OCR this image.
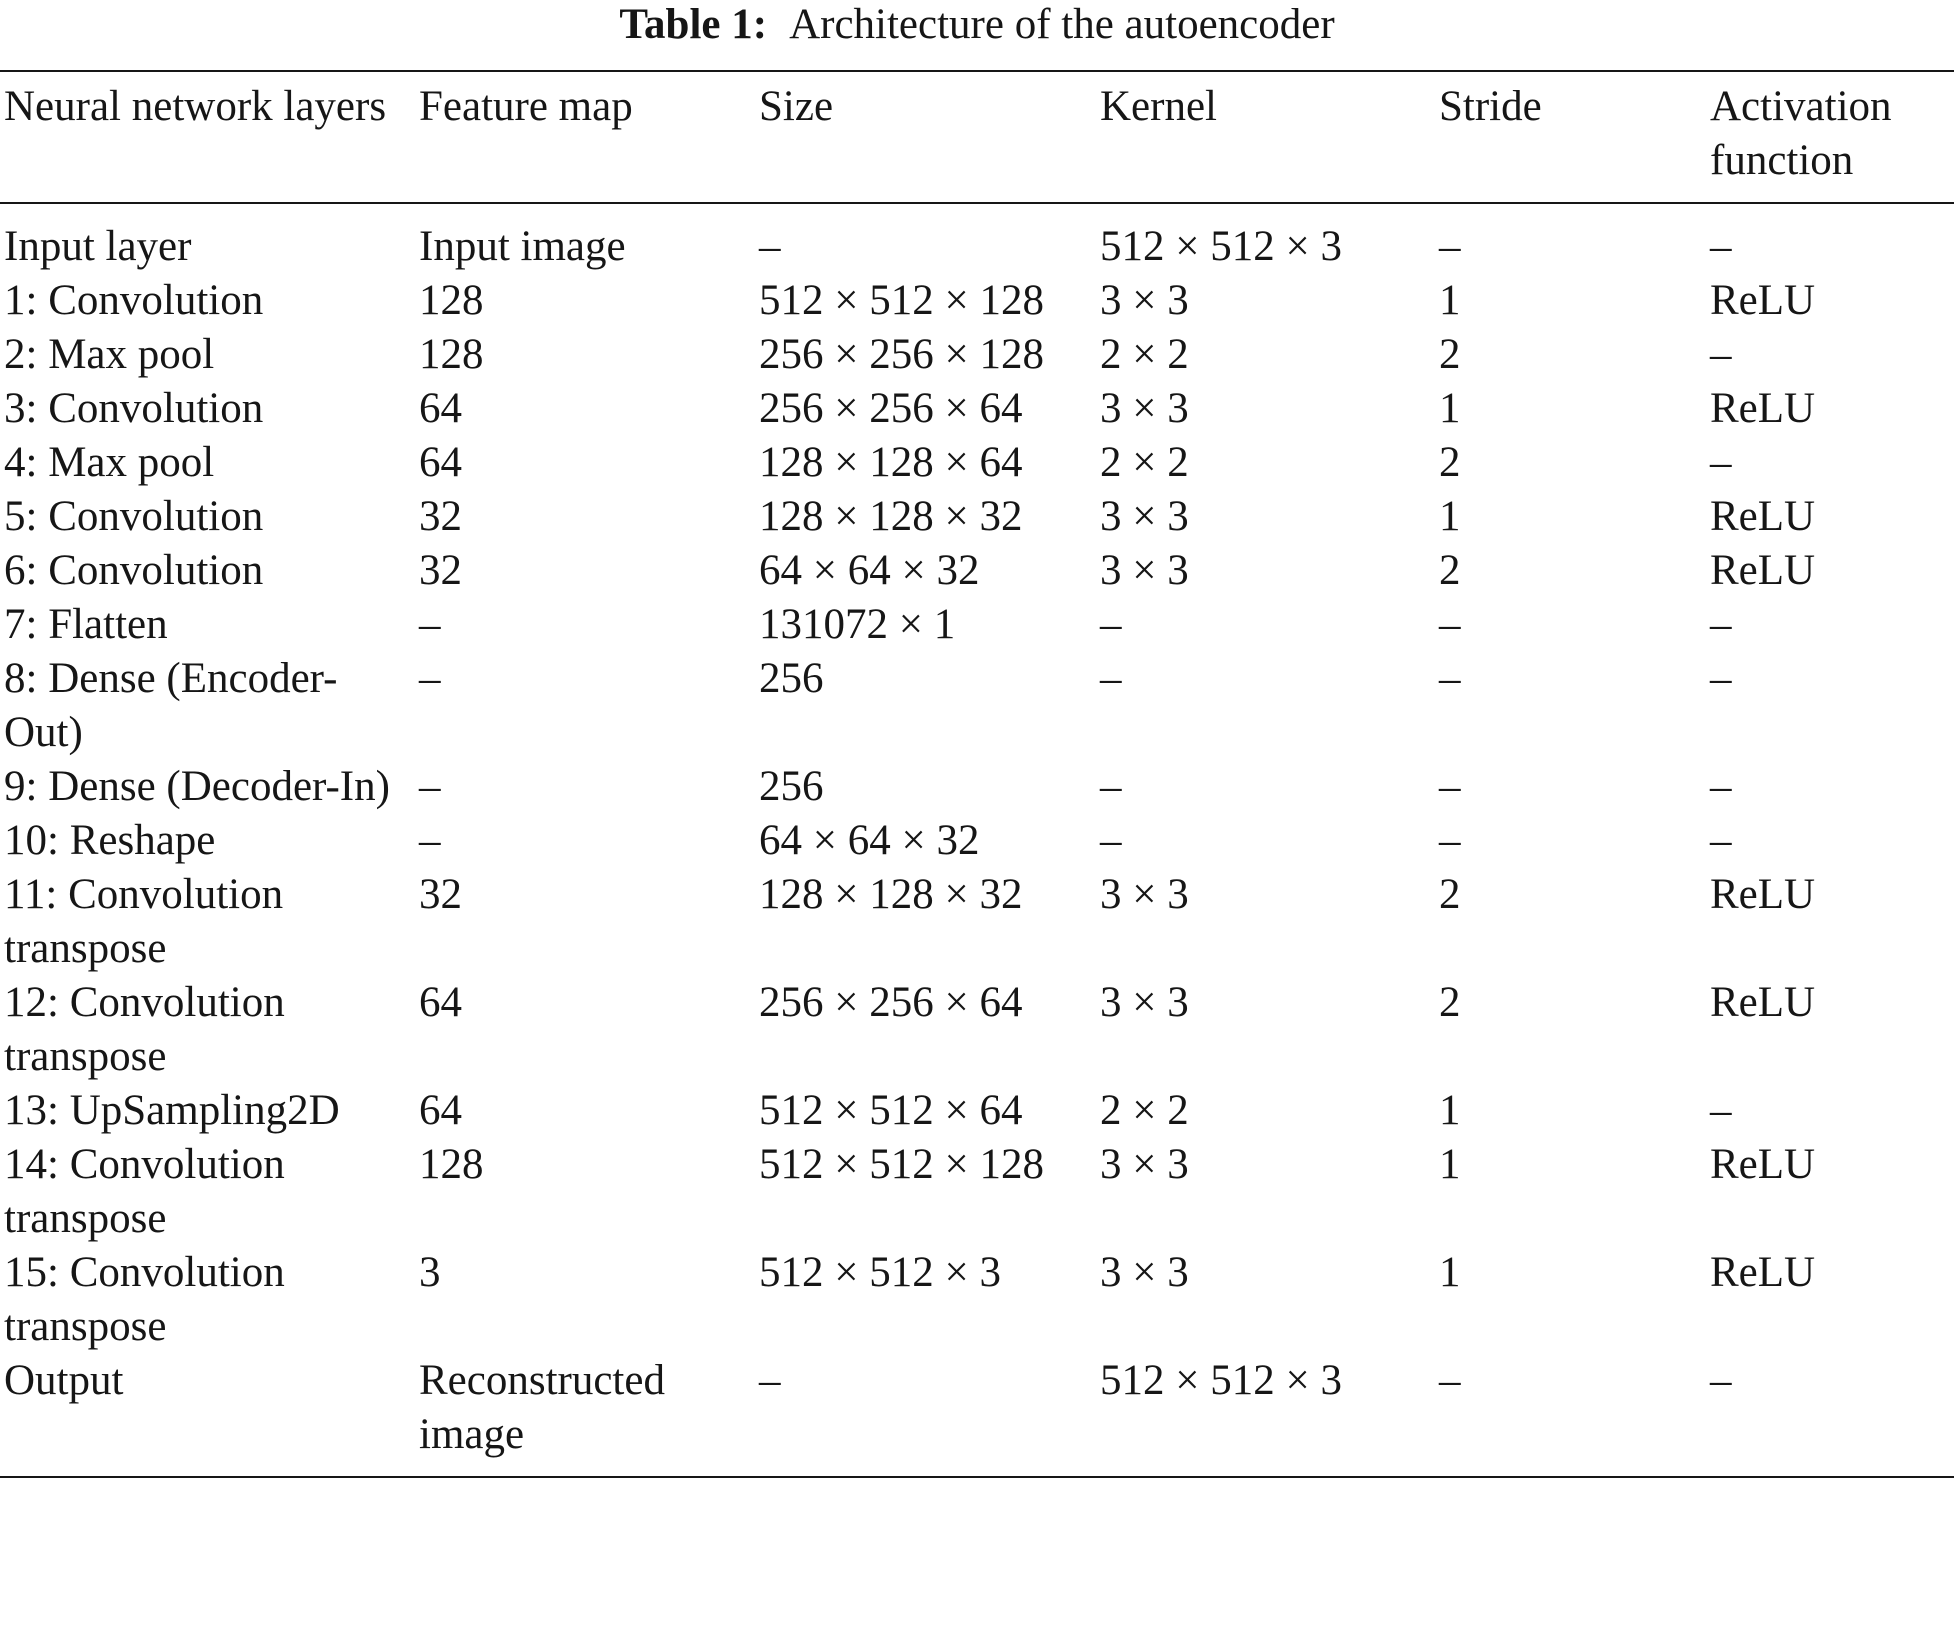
Table 1: Architecture of the autoencoder
Neural network layers	Feature map	Size	Kernel	Stride	Activation function
Input layer	Input image	–	512 × 512 × 3	–	–
1: Convolution	128	512 × 512 × 128	3 × 3	1	ReLU
2: Max pool	128	256 × 256 × 128	2 × 2	2	–
3: Convolution	64	256 × 256 × 64	3 × 3	1	ReLU
4: Max pool	64	128 × 128 × 64	2 × 2	2	–
5: Convolution	32	128 × 128 × 32	3 × 3	1	ReLU
6: Convolution	32	64 × 64 × 32	3 × 3	2	ReLU
7: Flatten	–	131072 × 1	–	–	–
8: Dense (Encoder-Out)	–	256	–	–	–
9: Dense (Decoder-In)	–	256	–	–	–
10: Reshape	–	64 × 64 × 32	–	–	–
11: Convolution transpose	32	128 × 128 × 32	3 × 3	2	ReLU
12: Convolution transpose	64	256 × 256 × 64	3 × 3	2	ReLU
13: UpSampling2D	64	512 × 512 × 64	2 × 2	1	–
14: Convolution transpose	128	512 × 512 × 128	3 × 3	1	ReLU
15: Convolution transpose	3	512 × 512 × 3	3 × 3	1	ReLU
Output	Reconstructed image	–	512 × 512 × 3	–	–
